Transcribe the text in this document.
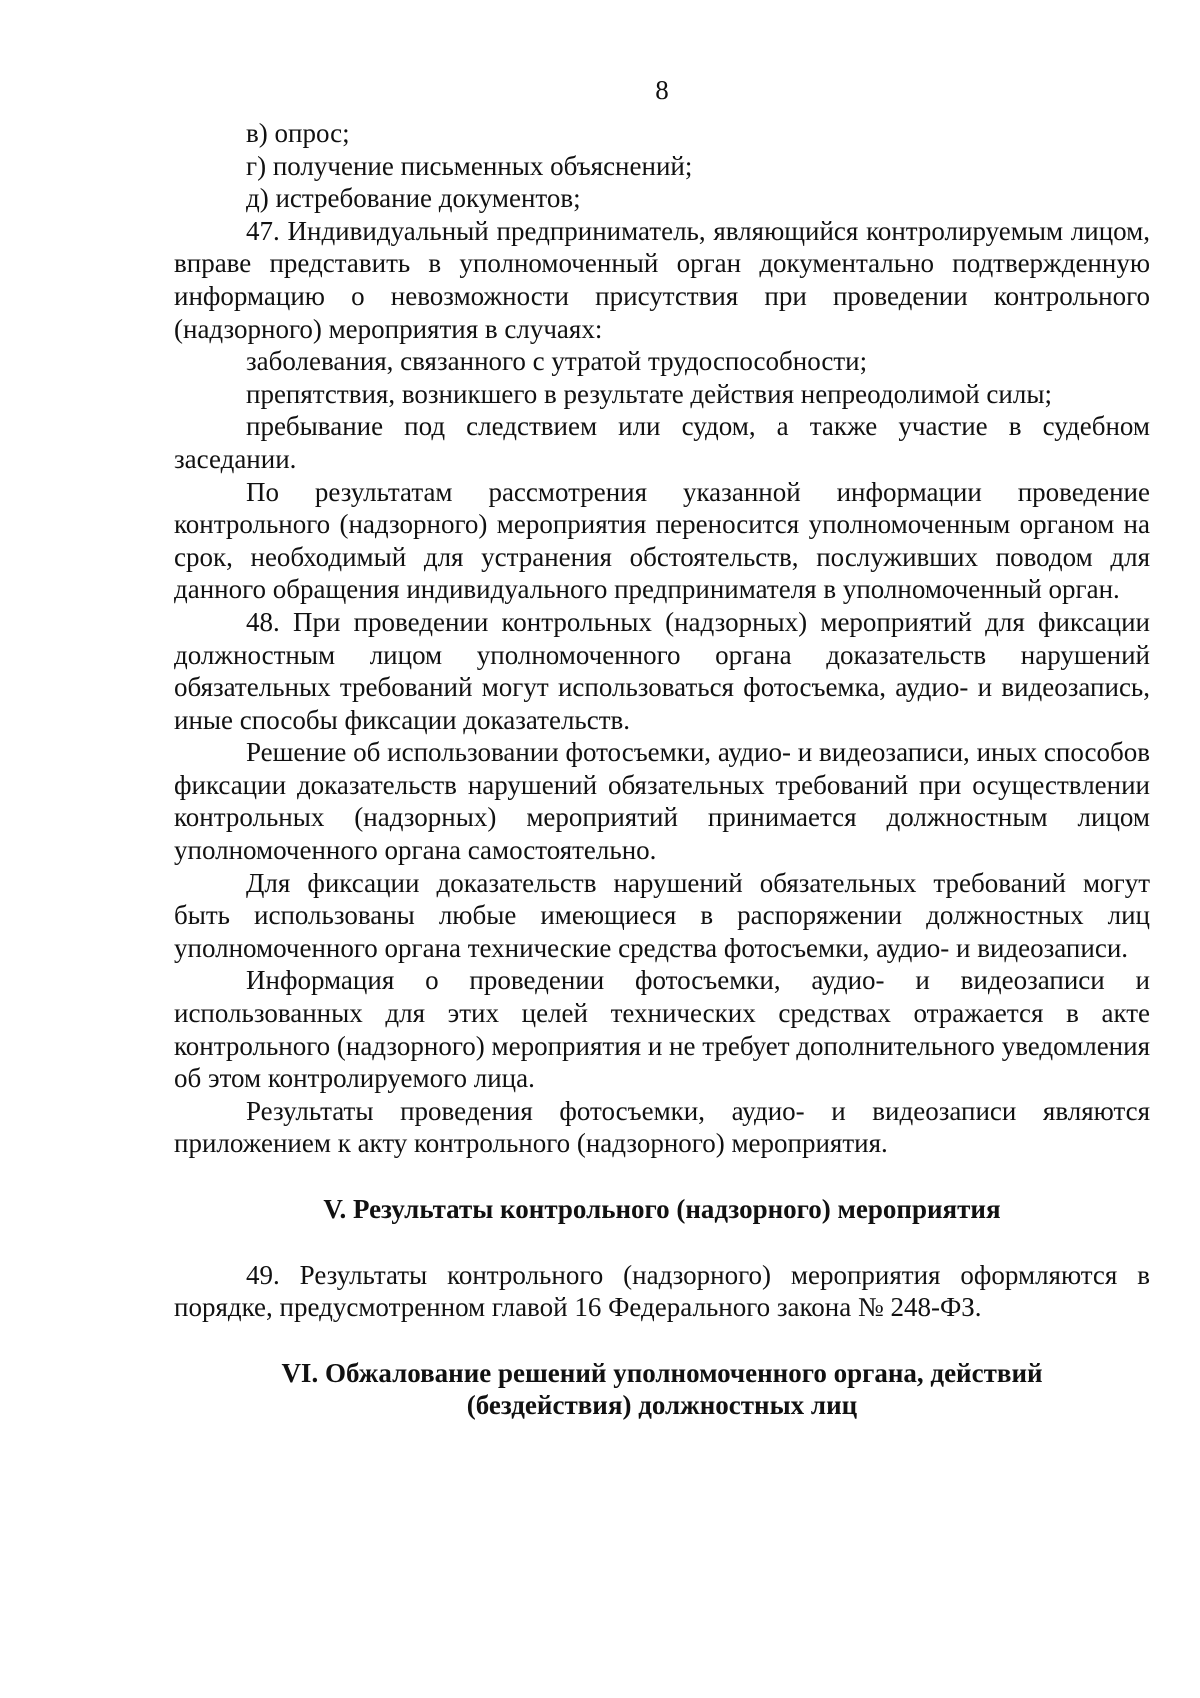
8

в) опрос;

г) получение письменных объяснений;

д) истребование документов;

47. Индивидуальный предприниматель, являющийся контролируемым лицом, вправе представить в уполномоченный орган документально подтвержденную информацию о невозможности присутствия при проведении контрольного (надзорного) мероприятия в случаях:

заболевания, связанного с утратой трудоспособности;

препятствия, возникшего в результате действия непреодолимой силы;

пребывание под следствием или судом, а также участие в судебном заседании.

По результатам рассмотрения указанной информации проведение контрольного (надзорного) мероприятия переносится уполномоченным органом на срок, необходимый для устранения обстоятельств, послуживших поводом для данного обращения индивидуального предпринимателя в уполномоченный орган.

48. При проведении контрольных (надзорных) мероприятий для фиксации должностным лицом уполномоченного органа доказательств нарушений обязательных требований могут использоваться фотосъемка, аудио- и видеозапись, иные способы фиксации доказательств.

Решение об использовании фотосъемки, аудио- и видеозаписи, иных способов фиксации доказательств нарушений обязательных требований при осуществлении контрольных (надзорных) мероприятий принимается должностным лицом уполномоченного органа самостоятельно.

Для фиксации доказательств нарушений обязательных требований могут быть использованы любые имеющиеся в распоряжении должностных лиц уполномоченного органа технические средства фотосъемки, аудио- и видеозаписи.

Информация о проведении фотосъемки, аудио- и видеозаписи и использованных для этих целей технических средствах отражается в акте контрольного (надзорного) мероприятия и не требует дополнительного уведомления об этом контролируемого лица.

Результаты проведения фотосъемки, аудио- и видеозаписи являются приложением к акту контрольного (надзорного) мероприятия.

V. Результаты контрольного (надзорного) мероприятия

49. Результаты контрольного (надзорного) мероприятия оформляются в порядке, предусмотренном главой 16 Федерального закона № 248-ФЗ.

VI. Обжалование решений уполномоченного органа, действий
(бездействия) должностных лиц
